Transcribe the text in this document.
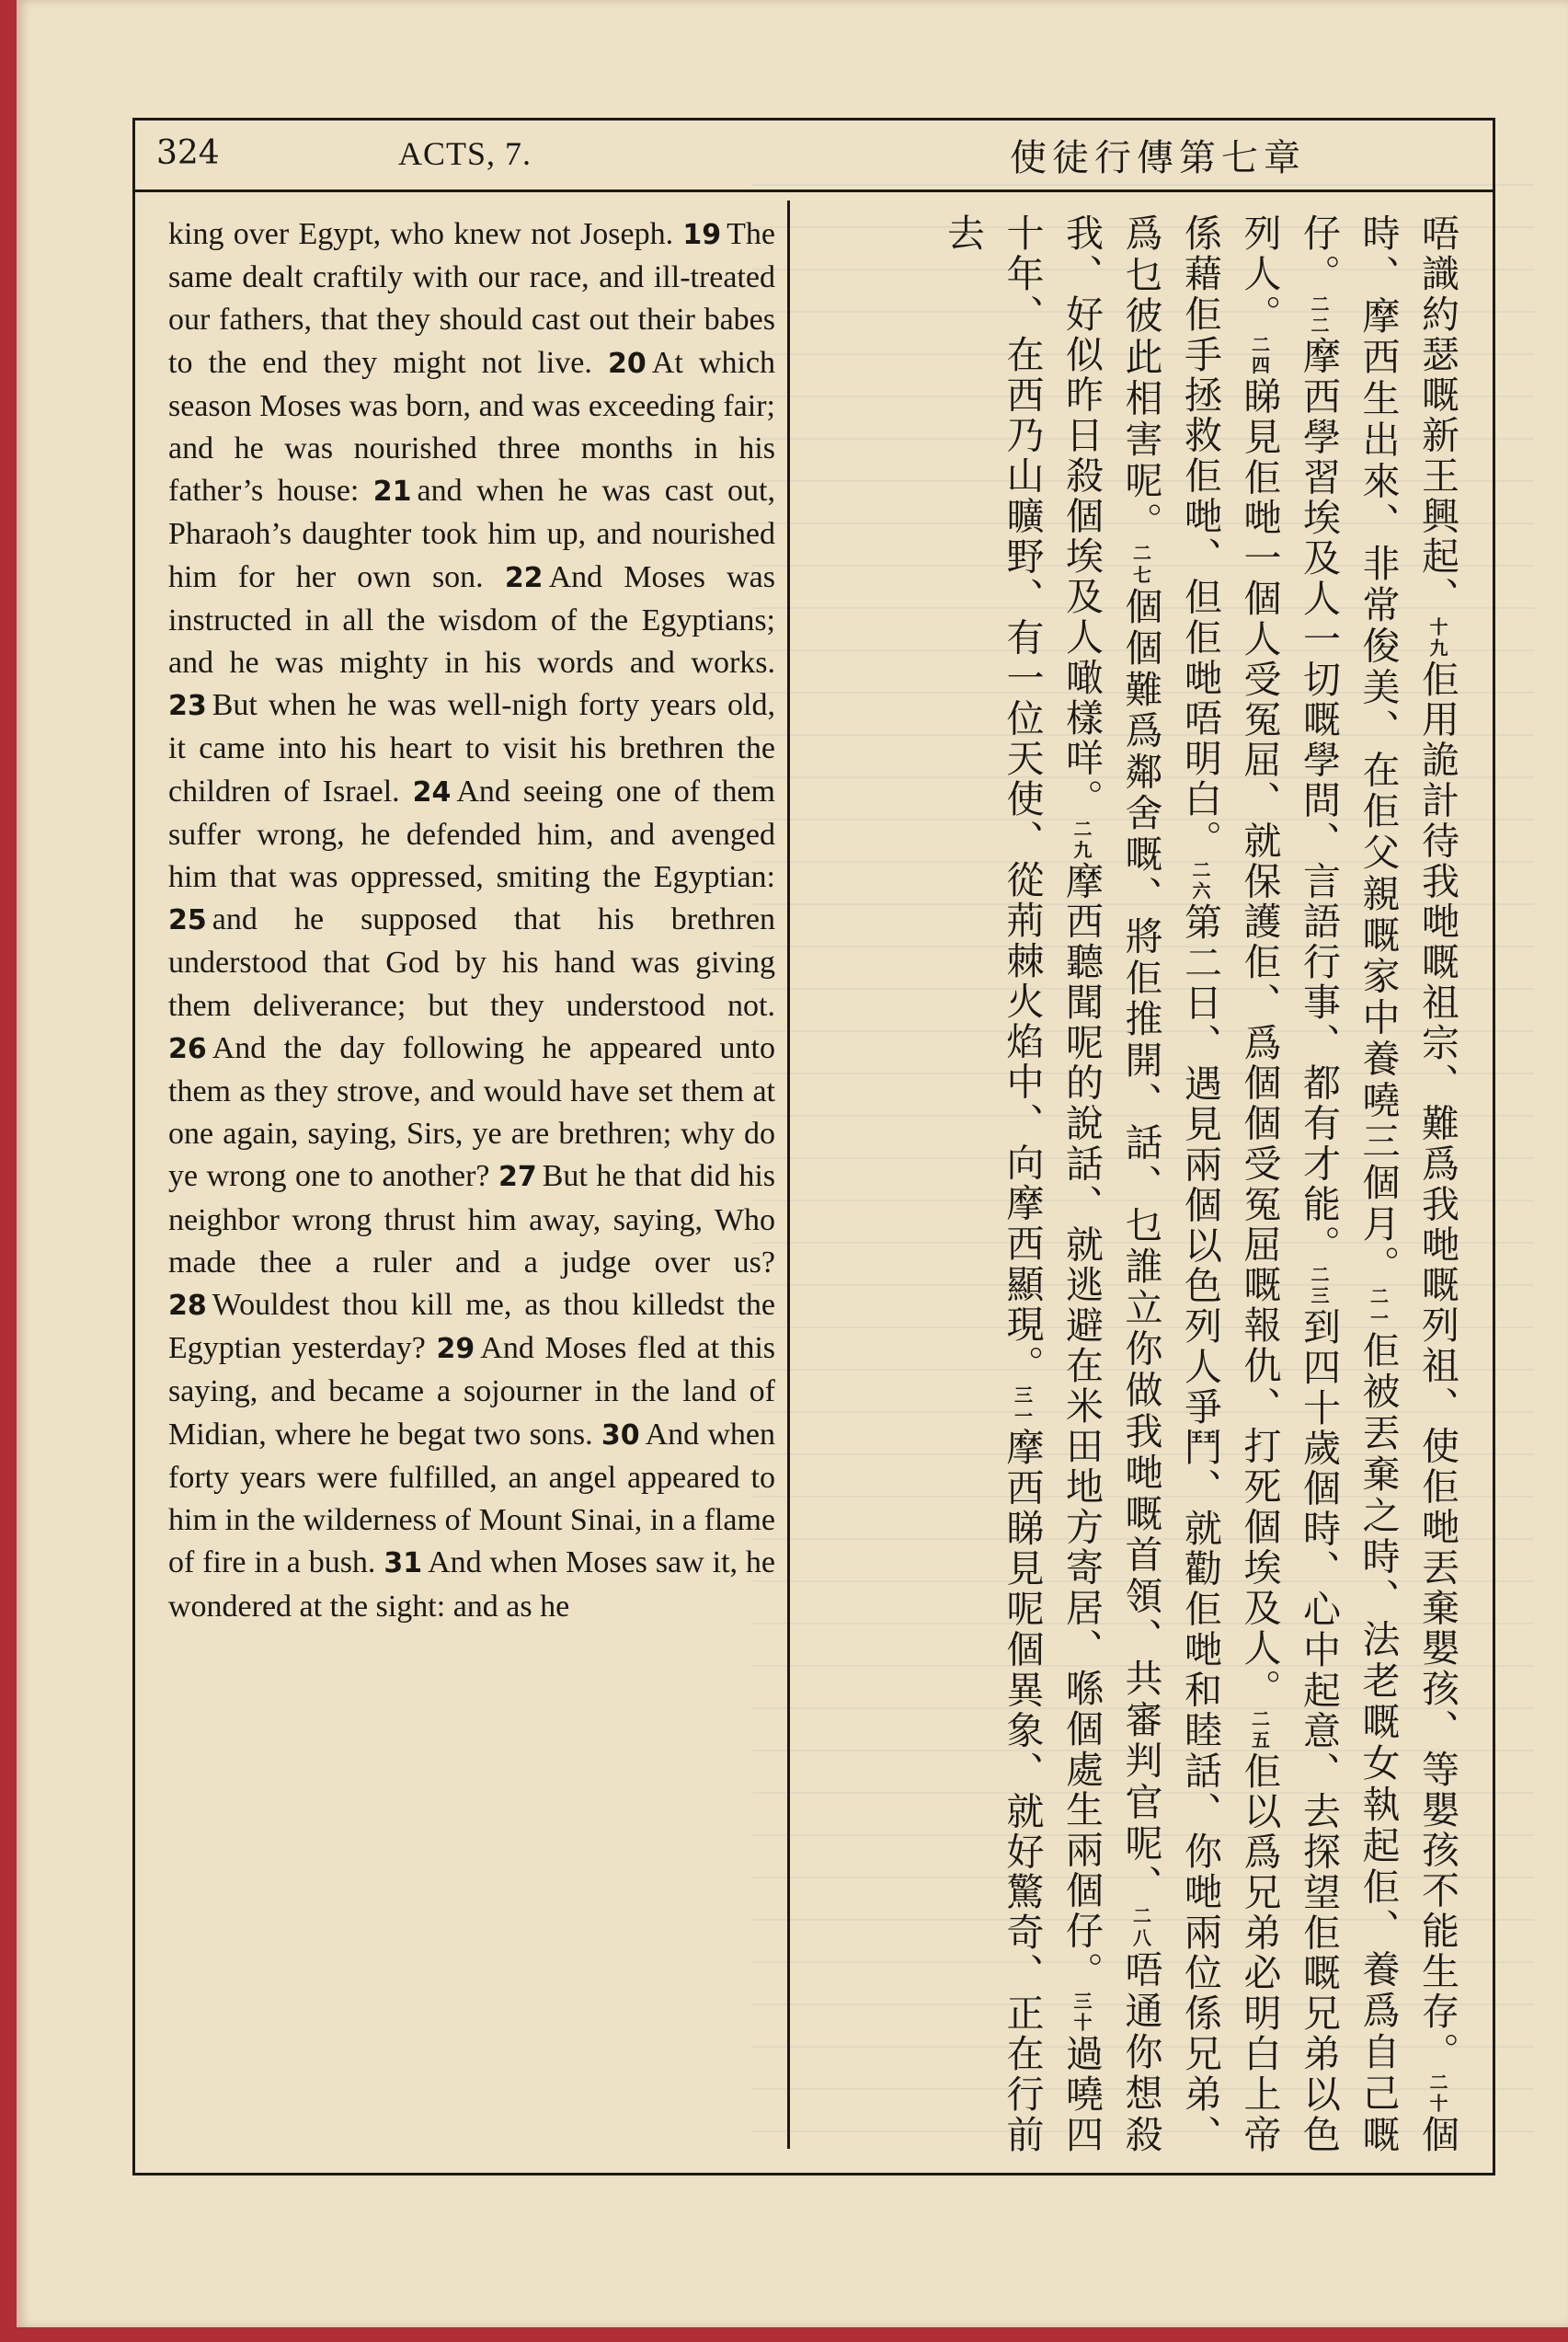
324	ACTS, 7.	使徒行傳第七章
king over Egypt, who knew not Joseph. 19 The same dealt craftily with our race, and ill-treated our fathers, that they should cast out their babes to the end they might not live. 20 At which season Moses was born, and was exceeding fair; and he was nourished three months in his father’s house: 21 and when he was cast out, Pharaoh’s daughter took him up, and nourished him for her own son. 22 And Moses was instructed in all the wisdom of the Egyptians; and he was mighty in his words and works. 23 But when he was well-nigh forty years old, it came into his heart to visit his brethren the children of Israel. 24 And seeing one of them suffer wrong, he defended him, and avenged him that was oppressed, smiting the Egyptian: 25 and he supposed that his brethren understood that God by his hand was giving them deliverance; but they understood not. 26 And the day following he appeared unto them as they strove, and would have set them at one again, saying, Sirs, ye are brethren; why do ye wrong one to another? 27 But he that did his neighbor wrong thrust him away, saying, Who made thee a ruler and a judge over us? 28 Wouldest thou kill me, as thou killedst the Egyptian yesterday? 29 And Moses fled at this saying, and became a sojourner in the land of Midian, where he begat two sons. 30 And when forty years were fulfilled, an angel appeared to him in the wilderness of Mount Sinai, in a flame of fire in a bush. 31 And when Moses saw it, he wondered at the sight: and as he
唔識約瑟嘅新王興起、十九佢用詭計待我哋嘅祖宗、難爲我哋嘅列祖、使佢哋丟棄嬰孩、等嬰孩不能生存。二十個時、摩西生出來、非常俊美、在佢父親嘅家中養嘵三個月。二一佢被丟棄之時、法老嘅女執起佢、養爲自己嘅仔。二二摩西學習埃及人一切嘅學問、言語行事、都有才能。二三到四十歲個時、心中起意、去探望佢嘅兄弟以色列人。二四睇見佢哋一個人受冤屈、就保護佢、爲個個受冤屈嘅報仇、打死個埃及人。二五佢以爲兄弟必明白上帝係藉佢手拯救佢哋、但佢哋唔明白。二六第二日、遇見兩個以色列人爭鬥、就勸佢哋和睦話、你哋兩位係兄弟、爲乜彼此相害呢。二七個個難爲鄰舍嘅、將佢推開、話、乜誰立你做我哋嘅首領、共審判官呢、二八唔通你想殺我、好似昨日殺個埃及人噉樣咩。二九摩西聽聞呢的說話、就逃避在米田地方寄居、喺個處生兩個仔。三十過嘵四十年、在西乃山曠野、有一位天使、從荊棘火焰中、向摩西顯現。三一摩西睇見呢個異象、就好驚奇、正在行前去
